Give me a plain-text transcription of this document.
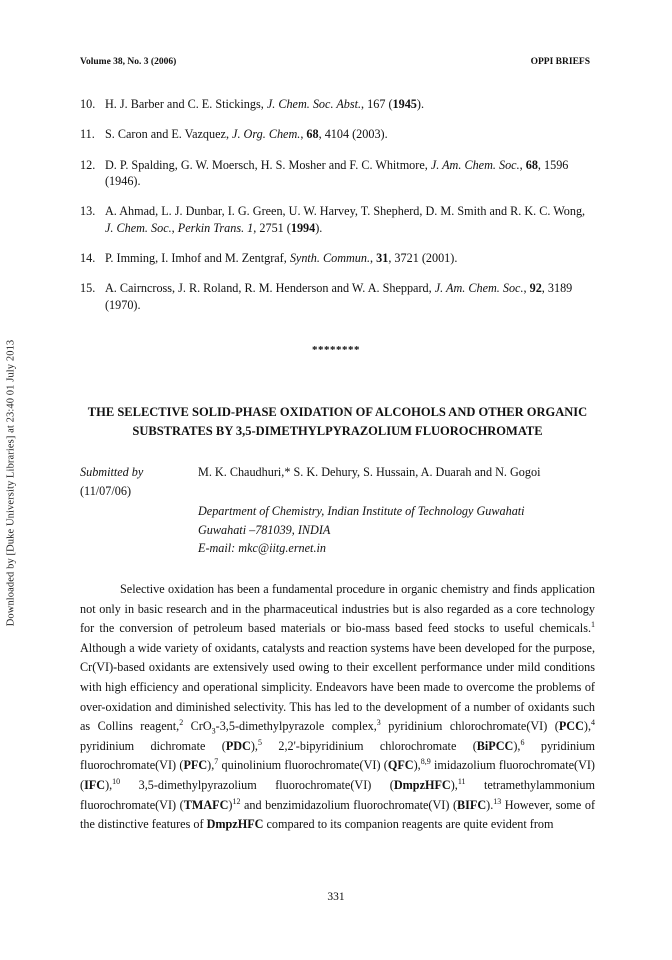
Downloaded by [Duke University Libraries] at 23:40 01 July 2013
Volume 38, No. 3 (2006)	OPPI BRIEFS
10. H. J. Barber and C. E. Stickings, J. Chem. Soc. Abst., 167 (1945).
11. S. Caron and E. Vazquez, J. Org. Chem., 68, 4104 (2003).
12. D. P. Spalding, G. W. Moersch, H. S. Mosher and F. C. Whitmore, J. Am. Chem. Soc., 68, 1596 (1946).
13. A. Ahmad, L. J. Dunbar, I. G. Green, U. W. Harvey, T. Shepherd, D. M. Smith and R. K. C. Wong, J. Chem. Soc., Perkin Trans. 1, 2751 (1994).
14. P. Imming, I. Imhof and M. Zentgraf, Synth. Commun., 31, 3721 (2001).
15. A. Cairncross, J. R. Roland, R. M. Henderson and W. A. Sheppard, J. Am. Chem. Soc., 92, 3189 (1970).
********
THE SELECTIVE SOLID-PHASE OXIDATION OF ALCOHOLS AND OTHER ORGANIC SUBSTRATES BY 3,5-DIMETHYLPYRAZOLIUM FLUOROCHROMATE
Submitted by
(11/07/06)
M. K. Chaudhuri,* S. K. Dehury, S. Hussain, A. Duarah and N. Gogoi
Department of Chemistry, Indian Institute of Technology Guwahati
Guwahati –781039, INDIA
E-mail: mkc@iitg.ernet.in

Selective oxidation has been a fundamental procedure in organic chemistry and finds application not only in basic research and in the pharmaceutical industries but is also regarded as a core technology for the conversion of petroleum based materials or bio-mass based feed stocks to useful chemicals.$^1$ Although a wide variety of oxidants, catalysts and reaction systems have been developed for the purpose, Cr(VI)-based oxidants are extensively used owing to their excellent performance under mild conditions with high efficiency and operational simplicity. Endeavors have been made to overcome the problems of over-oxidation and diminished selectivity. This has led to the development of a number of oxidants such as Collins reagent,$^2$ CrO$_3$-3,5-dimethylpyrazole complex,$^3$ pyridinium chlorochromate(VI) (PCC),$^4$ pyridinium dichromate (PDC),$^5$ 2,2'-bipyridinium chlorochromate (BiPCC),$^6$ pyridinium fluorochromate(VI) (PFC),$^7$ quinolinium fluorochromate(VI) (QFC),$^{8,9}$ imidazolium fluorochromate(VI) (IFC),$^{10}$ 3,5-dimethylpyrazolium fluorochromate(VI) (DmpzHFC),$^{11}$ tetramethylammonium fluorochromate(VI) (TMAFC)$^{12}$ and benzimidazolium fluorochromate(VI) (BIFC).$^{13}$ However, some of the distinctive features of DmpzHFC compared to its companion reagents are quite evident from

331
